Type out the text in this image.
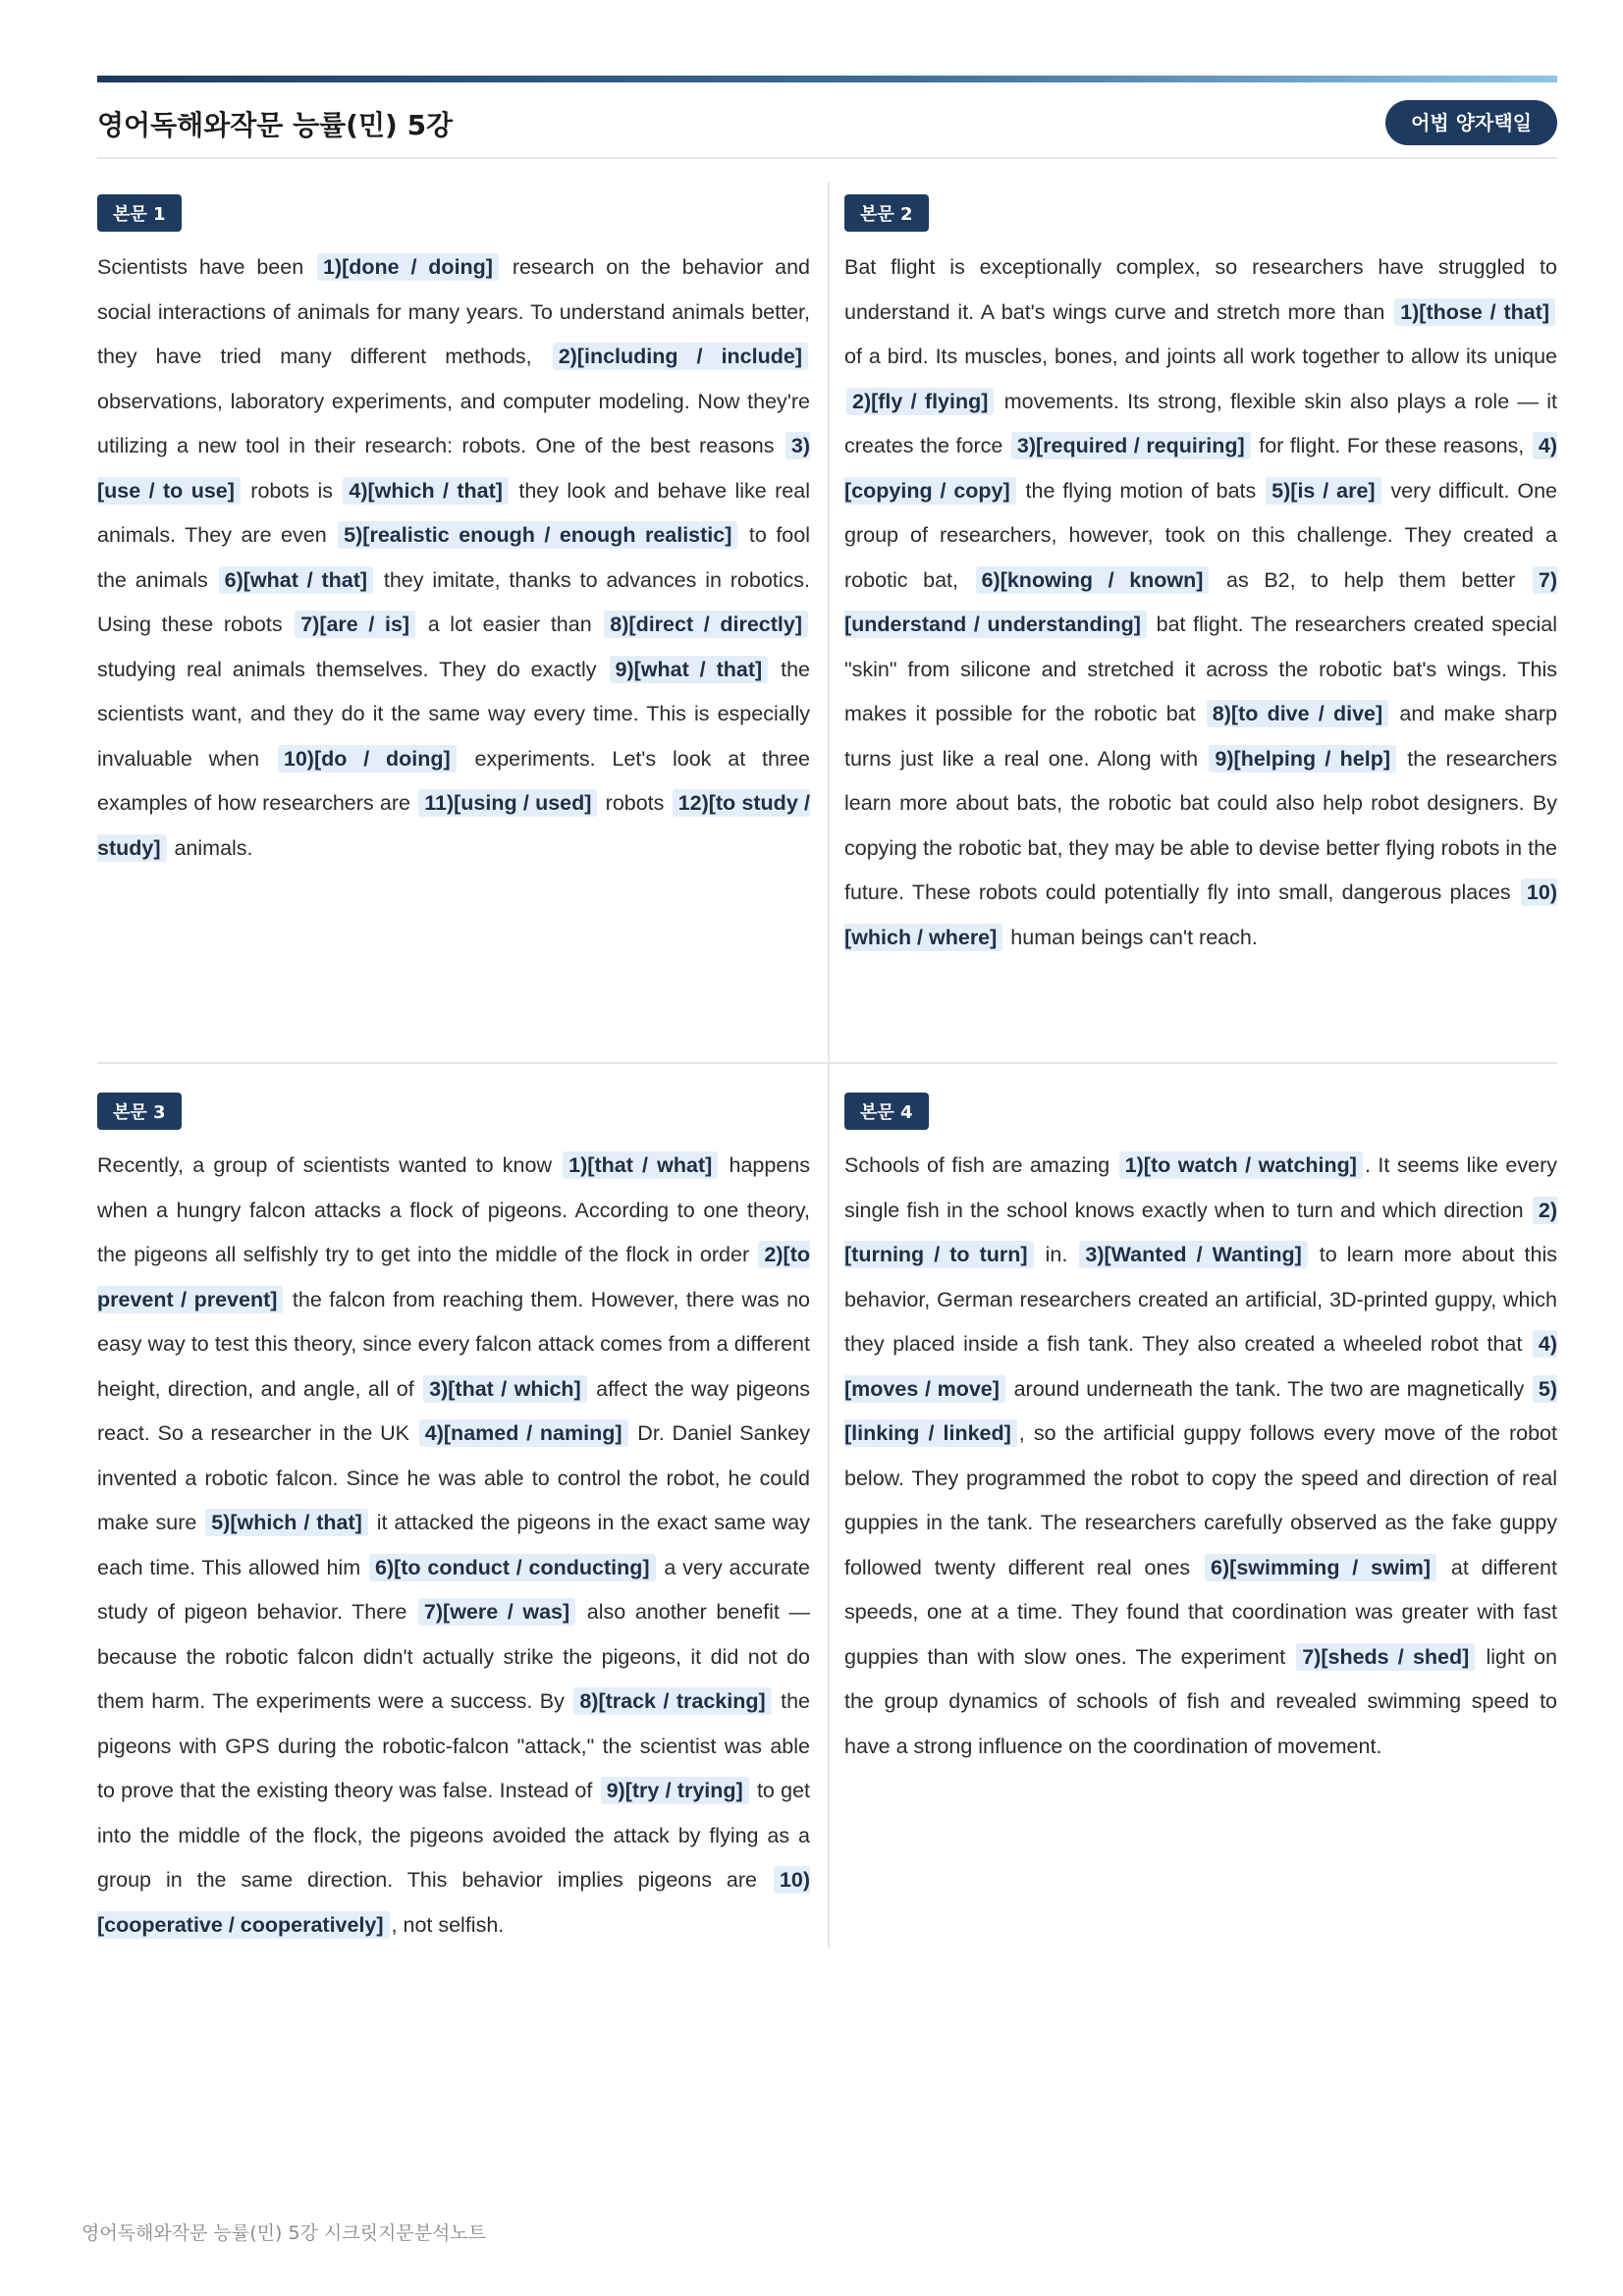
영어독해와작문 능률(민) 5강	어법 양자택일
본문 1
Scientists have been 1)[done / doing] research on the behavior and social interactions of animals for many years. To understand animals better, they have tried many different methods, 2)[including / include] observations, laboratory experiments, and computer modeling. Now they're utilizing a new tool in their research: robots. One of the best reasons 3)[use / to use] robots is 4)[which / that] they look and behave like real animals. They are even 5)[realistic enough / enough realistic] to fool the animals 6)[what / that] they imitate, thanks to advances in robotics. Using these robots 7)[are / is] a lot easier than 8)[direct / directly] studying real animals themselves. They do exactly 9)[what / that] the scientists want, and they do it the same way every time. This is especially invaluable when 10)[do / doing] experiments. Let's look at three examples of how researchers are 11)[using / used] robots 12)[to study / study] animals.
본문 2
Bat flight is exceptionally complex, so researchers have struggled to understand it. A bat's wings curve and stretch more than 1)[those / that] of a bird. Its muscles, bones, and joints all work together to allow its unique 2)[fly / flying] movements. Its strong, flexible skin also plays a role — it creates the force 3)[required / requiring] for flight. For these reasons, 4)[copying / copy] the flying motion of bats 5)[is / are] very difficult. One group of researchers, however, took on this challenge. They created a robotic bat, 6)[knowing / known] as B2, to help them better 7)[understand / understanding] bat flight. The researchers created special "skin" from silicone and stretched it across the robotic bat's wings. This makes it possible for the robotic bat 8)[to dive / dive] and make sharp turns just like a real one. Along with 9)[helping / help] the researchers learn more about bats, the robotic bat could also help robot designers. By copying the robotic bat, they may be able to devise better flying robots in the future. These robots could potentially fly into small, dangerous places 10)[which / where] human beings can't reach.
본문 3
Recently, a group of scientists wanted to know 1)[that / what] happens when a hungry falcon attacks a flock of pigeons. According to one theory, the pigeons all selfishly try to get into the middle of the flock in order 2)[to prevent / prevent] the falcon from reaching them. However, there was no easy way to test this theory, since every falcon attack comes from a different height, direction, and angle, all of 3)[that / which] affect the way pigeons react. So a researcher in the UK 4)[named / naming] Dr. Daniel Sankey invented a robotic falcon. Since he was able to control the robot, he could make sure 5)[which / that] it attacked the pigeons in the exact same way each time. This allowed him 6)[to conduct / conducting] a very accurate study of pigeon behavior. There 7)[were / was] also another benefit — because the robotic falcon didn't actually strike the pigeons, it did not do them harm. The experiments were a success. By 8)[track / tracking] the pigeons with GPS during the robotic-falcon "attack," the scientist was able to prove that the existing theory was false. Instead of 9)[try / trying] to get into the middle of the flock, the pigeons avoided the attack by flying as a group in the same direction. This behavior implies pigeons are 10)[cooperative / cooperatively] , not selfish.
본문 4
Schools of fish are amazing 1)[to watch / watching] . It seems like every single fish in the school knows exactly when to turn and which direction 2)[turning / to turn] in. 3)[Wanted / Wanting] to learn more about this behavior, German researchers created an artificial, 3D-printed guppy, which they placed inside a fish tank. They also created a wheeled robot that 4)[moves / move] around underneath the tank. The two are magnetically 5)[linking / linked] , so the artificial guppy follows every move of the robot below. They programmed the robot to copy the speed and direction of real guppies in the tank. The researchers carefully observed as the fake guppy followed twenty different real ones 6)[swimming / swim] at different speeds, one at a time. They found that coordination was greater with fast guppies than with slow ones. The experiment 7)[sheds / shed] light on the group dynamics of schools of fish and revealed swimming speed to have a strong influence on the coordination of movement.
영어독해와작문 능률(민) 5강 시크릿지문분석노트
